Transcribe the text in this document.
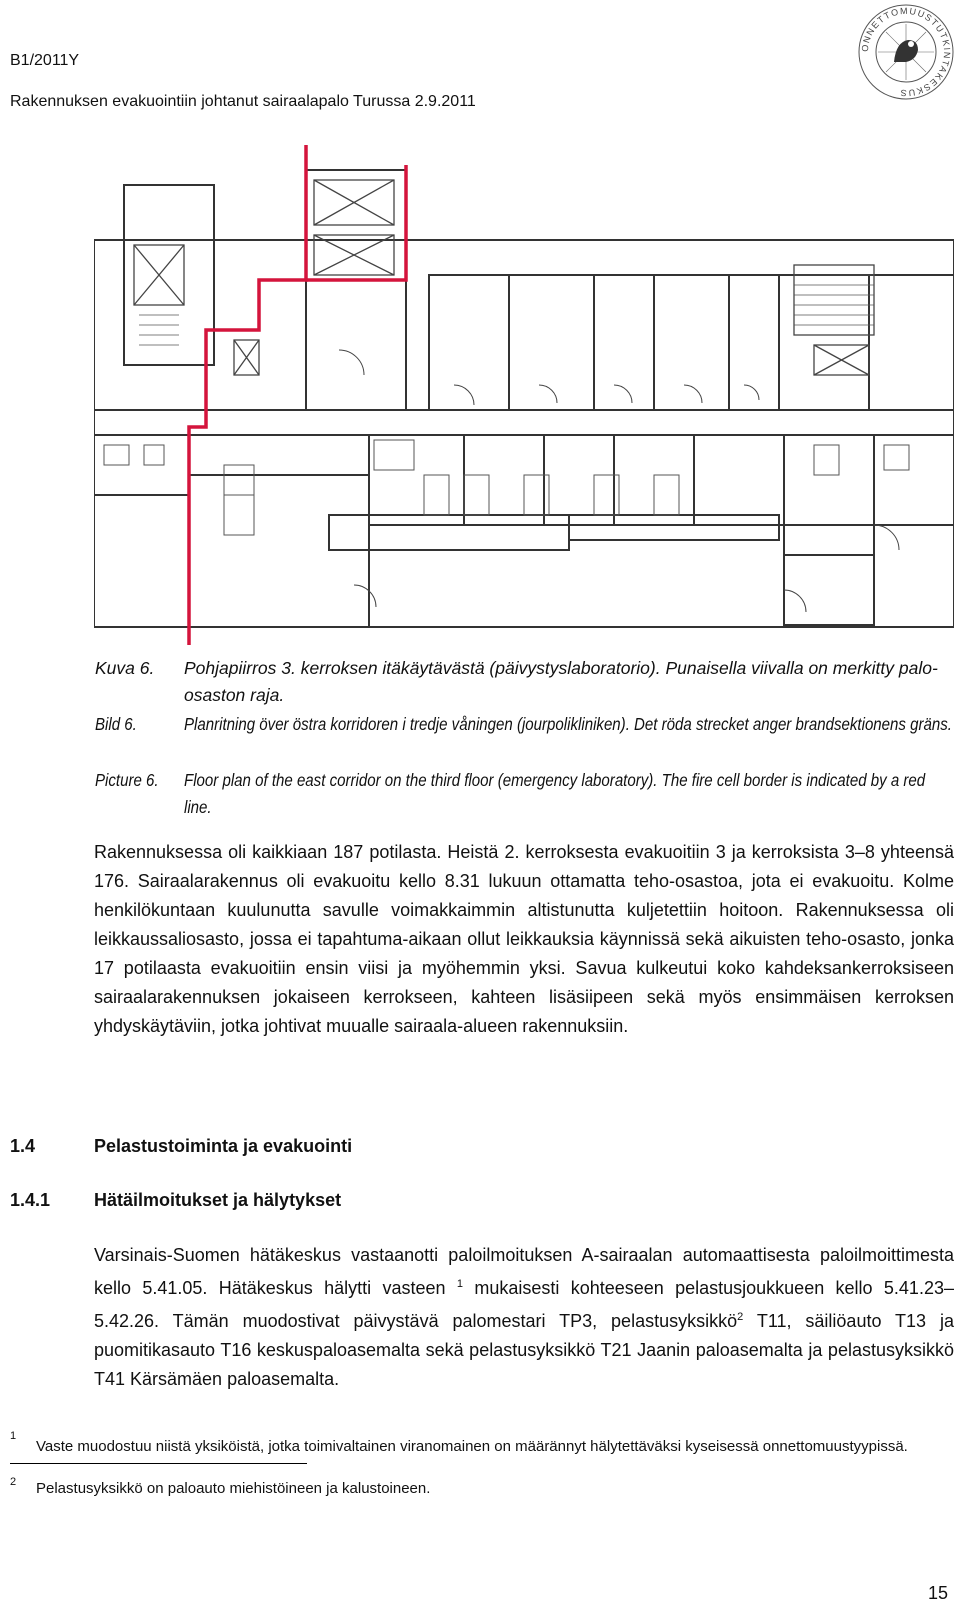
B1/2011Y
Rakennuksen evakuointiin johtanut sairaalapalo Turussa 2.9.2011
ONNETTOMUUSTUTKINTAKESKUS
Kuva 6.	Pohjapiirros 3. kerroksen itäkäytävästä (päivystyslaboratorio). Punaisella viivalla on merkitty palo-osaston raja.
Bild 6.	Planritning över östra korridoren i tredje våningen (jourpolikliniken). Det röda strecket anger brandsektionens gräns.
Picture 6.	Floor plan of the east corridor on the third floor (emergency laboratory). The fire cell border is indicated by a red line.
Rakennuksessa oli kaikkiaan 187 potilasta. Heistä 2. kerroksesta evakuoitiin 3 ja kerroksista 3–8 yhteensä 176. Sairaalarakennus oli evakuoitu kello 8.31 lukuun ottamatta teho-osastoa, jota ei evakuoitu. Kolme henkilökuntaan kuulunutta savulle voimakkaimmin altistunutta kuljetettiin hoitoon. Rakennuksessa oli leikkaussaliosasto, jossa ei tapahtuma-aikaan ollut leikkauksia käynnissä sekä aikuisten teho-osasto, jonka 17 potilaasta evakuoitiin ensin viisi ja myöhemmin yksi. Savua kulkeutui koko kahdeksankerroksiseen sairaalarakennuksen jokaiseen kerrokseen, kahteen lisäsiipeen sekä myös ensimmäisen kerroksen yhdyskäytäviin, jotka johtivat muualle sairaala-alueen rakennuksiin.
1.4	Pelastustoiminta ja evakuointi
1.4.1 Hätäilmoitukset ja hälytykset
Varsinais-Suomen hätäkeskus vastaanotti paloilmoituksen A-sairaalan automaattisesta paloilmoittimesta kello 5.41.05. Hätäkeskus hälytti vasteen $^1$ mukaisesti kohteeseen pelastusjoukkueen kello 5.41.23–5.42.26. Tämän muodostivat päivystävä palomestari TP3, pelastusyksikkö$^2$ T11, säiliöauto T13 ja puomitikasauto T16 keskuspaloasemalta sekä pelastusyksikkö T21 Jaanin paloasemalta ja pelastusyksikkö T41 Kärsämäen paloasemalta.
1
Vaste muodostuu niistä yksiköistä, jotka toimivaltainen viranomainen on määrännyt hälytettäväksi kyseisessä onnettomuustyypissä.
2 Pelastusyksikkö on paloauto miehistöineen ja kalustoineen.
15
